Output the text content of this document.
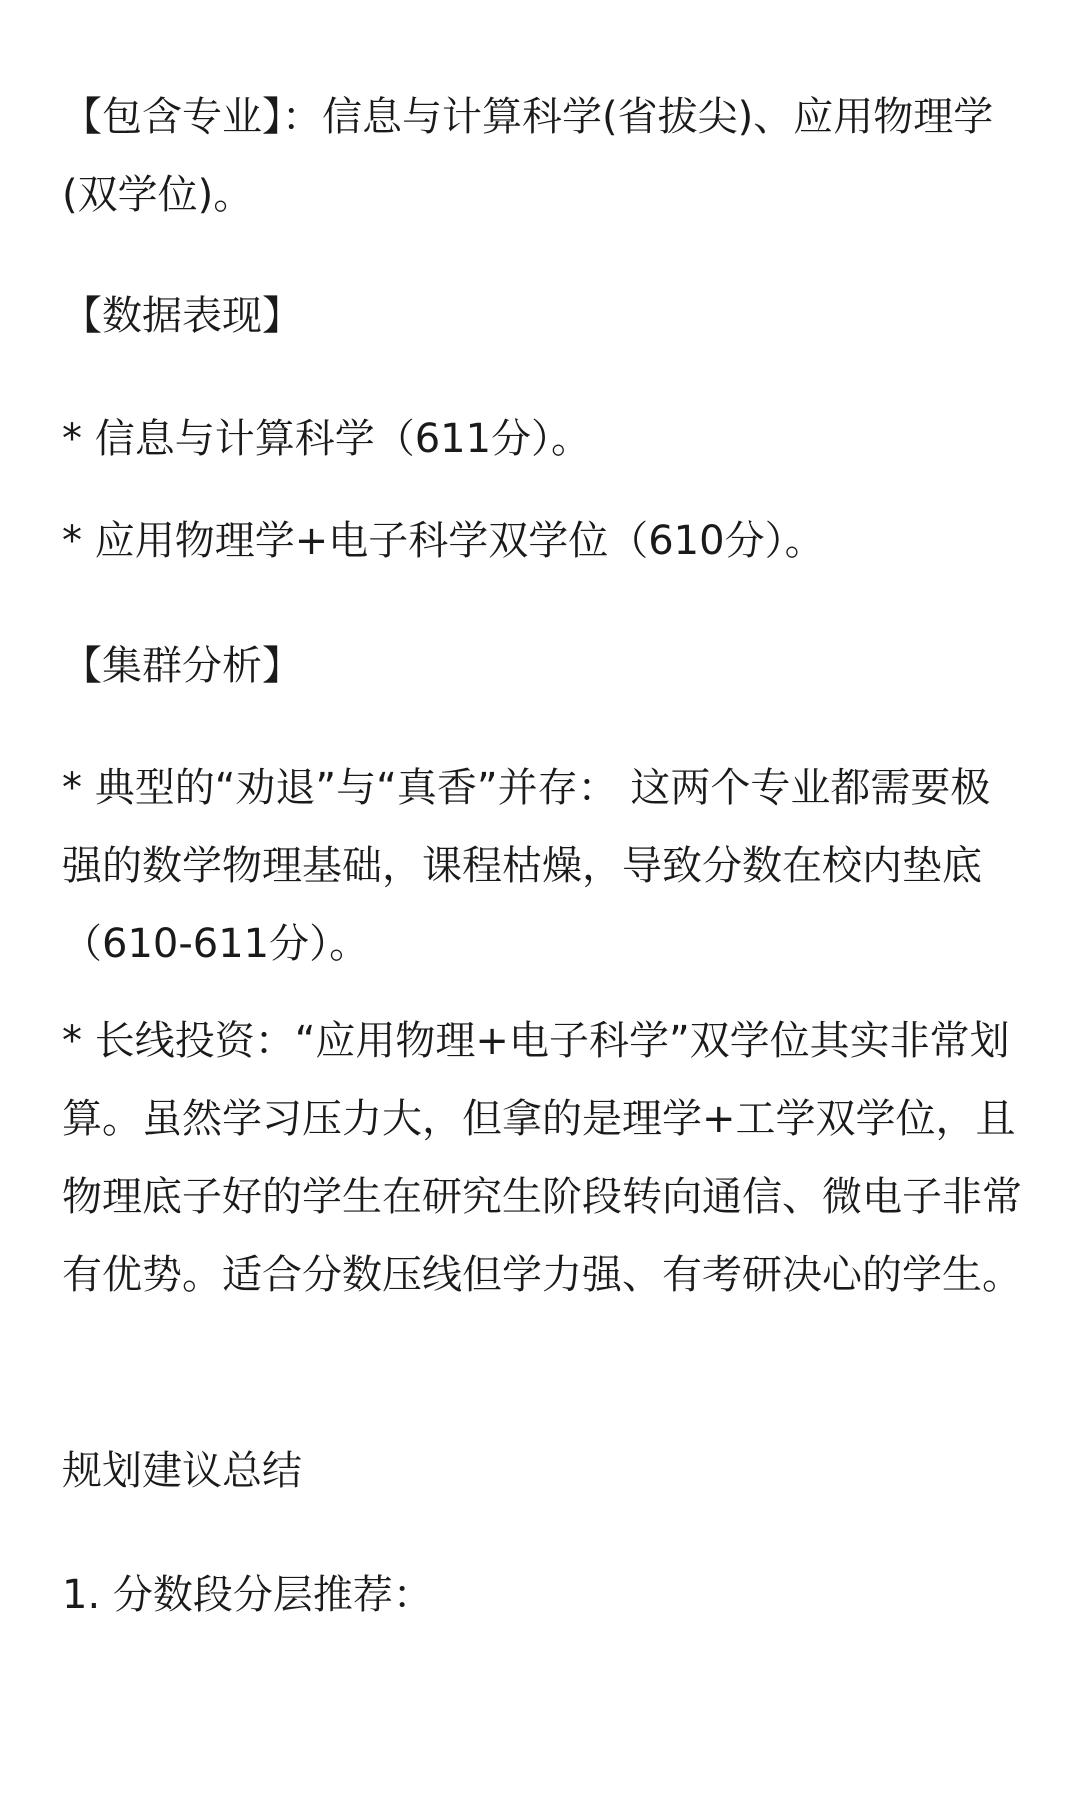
【包含专业】：信息与计算科学(省拔尖)、应用物理学(双学位)。

【数据表现】

* 信息与计算科学（611分）。

* 应用物理学+电子科学双学位（610分）。

【集群分析】

* 典型的“劝退”与“真香”并存： 这两个专业都需要极强的数学物理基础，课程枯燥，导致分数在校内垫底（610-611分）。

* 长线投资：“应用物理+电子科学”双学位其实非常划算。虽然学习压力大，但拿的是理学+工学双学位，且物理底子好的学生在研究生阶段转向通信、微电子非常有优势。适合分数压线但学力强、有考研决心的学生。

规划建议总结

1. 分数段分层推荐：
